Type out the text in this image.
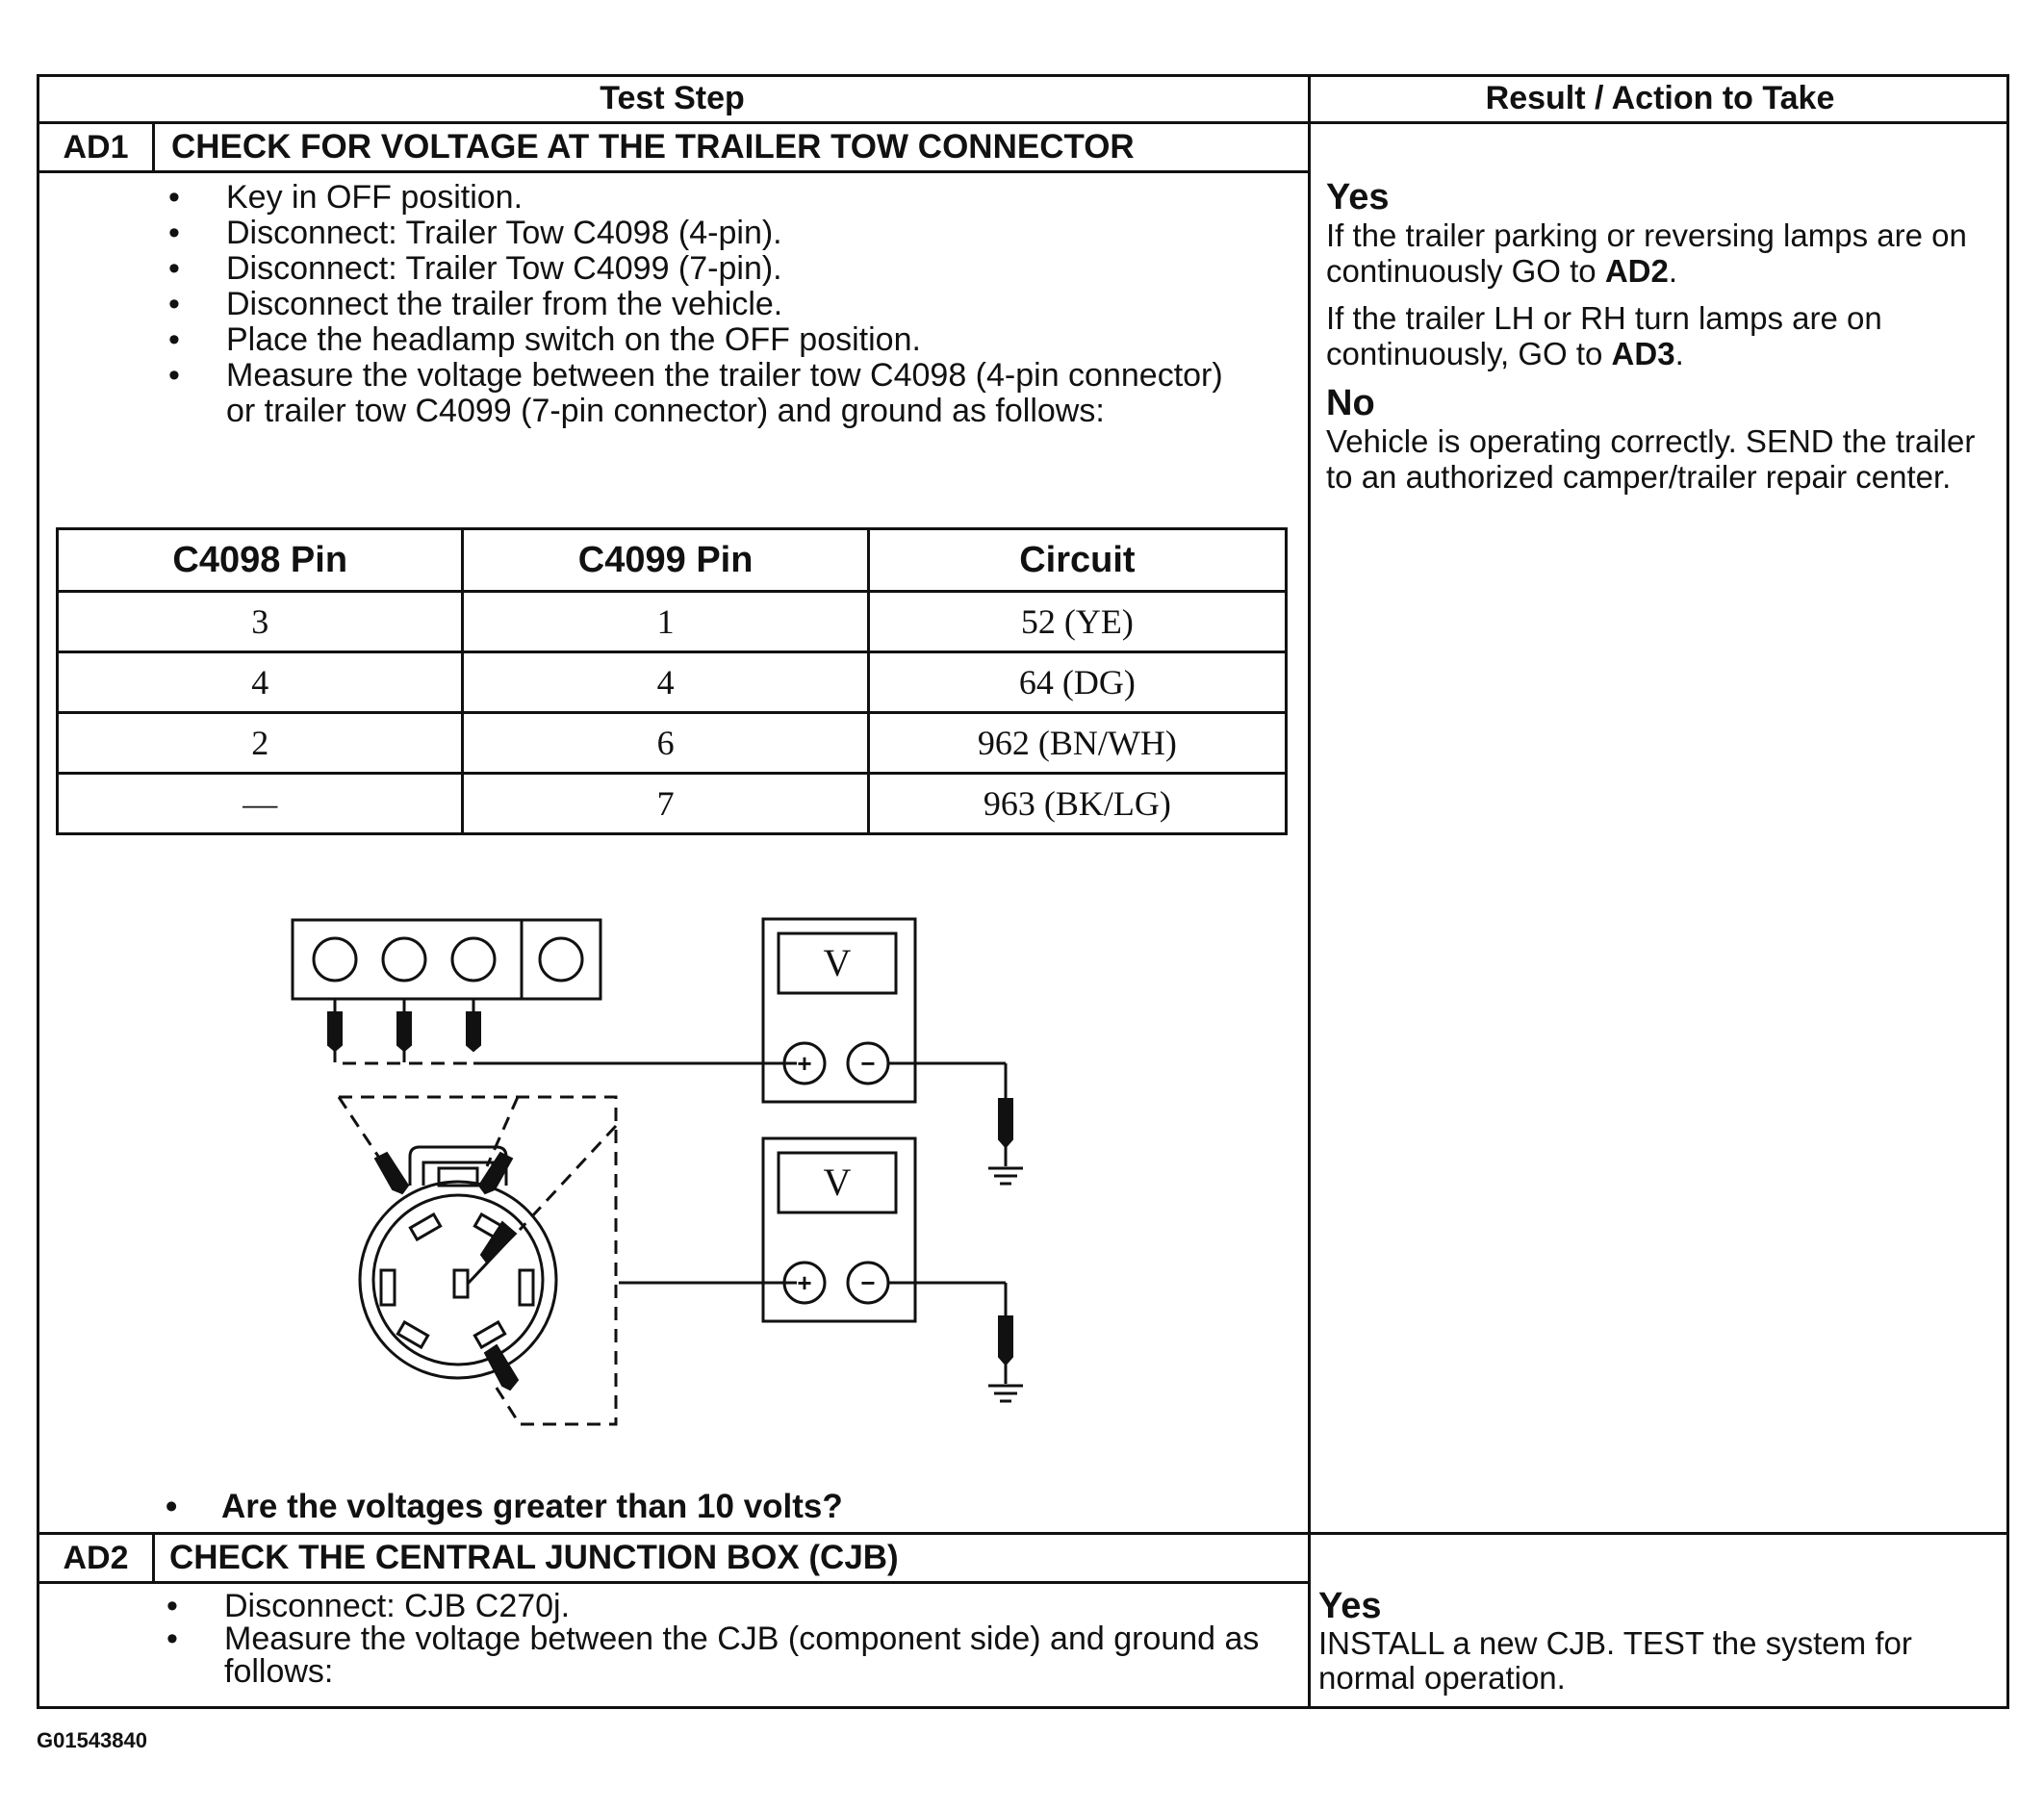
Test Step	Result / Action to Take
AD1	CHECK FOR VOLTAGE AT THE TRAILER TOW CONNECTOR
• Key in OFF position.
• Disconnect: Trailer Tow C4098 (4-pin).
• Disconnect: Trailer Tow C4099 (7-pin).
• Disconnect the trailer from the vehicle.
• Place the headlamp switch on the OFF position.
• Measure the voltage between the trailer tow C4098 (4-pin connector) or trailer tow C4099 (7-pin connector) and ground as follows:
C4098 Pin	C4099 Pin	Circuit
3	1	52 (YE)
4	4	64 (DG)
2	6	962 (BN/WH)
—	7	963 (BK/LG)
V
V
+ −
+ −
• Are the voltages greater than 10 volts?
Yes

If the trailer parking or reversing lamps are on continuously GO to AD2.

If the trailer LH or RH turn lamps are on continuously, GO to AD3.

No

Vehicle is operating correctly. SEND the trailer to an authorized camper/trailer repair center.

AD2	CHECK THE CENTRAL JUNCTION BOX (CJB)
• Disconnect: CJB C270j.
• Measure the voltage between the CJB (component side) and ground as follows:
Yes

INSTALL a new CJB. TEST the system for normal operation.

G01543840
